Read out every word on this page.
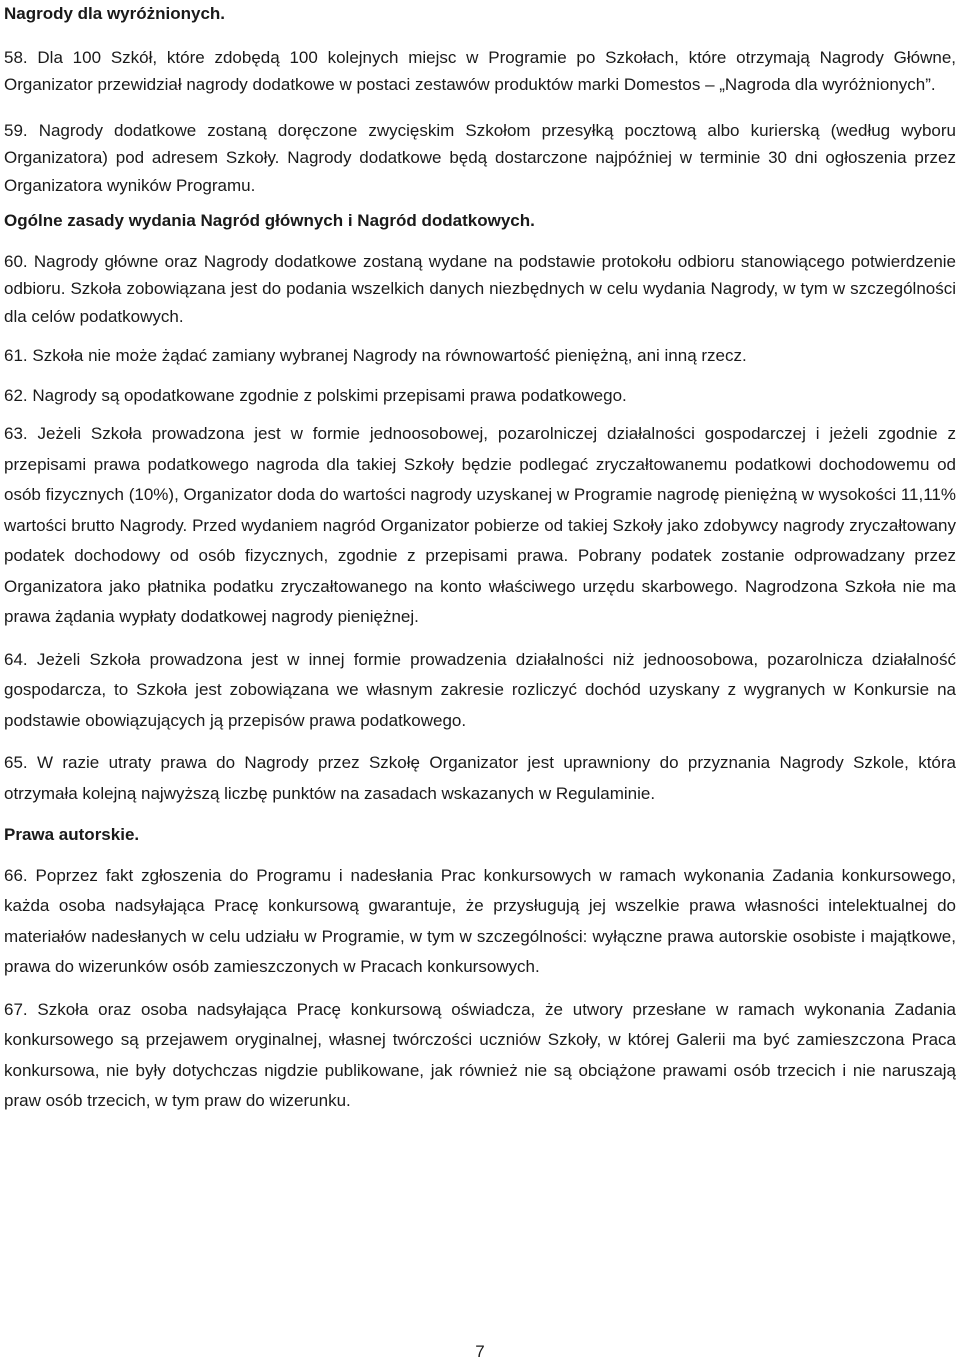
Nagrody dla wyróżnionych.

58. Dla 100 Szkół, które zdobędą 100 kolejnych miejsc w Programie po Szkołach, które otrzymają Nagrody Główne, Organizator przewidział nagrody dodatkowe w postaci zestawów produktów marki Domestos – „Nagroda dla wyróżnionych”.

59. Nagrody dodatkowe zostaną doręczone zwycięskim Szkołom przesyłką pocztową albo kurierską (według wyboru Organizatora) pod adresem Szkoły. Nagrody dodatkowe będą dostarczone najpóźniej w terminie 30 dni ogłoszenia przez Organizatora wyników Programu.

Ogólne zasady wydania Nagród głównych i Nagród dodatkowych.

60. Nagrody główne oraz Nagrody dodatkowe zostaną wydane na podstawie protokołu odbioru stanowiącego potwierdzenie odbioru. Szkoła zobowiązana jest do podania wszelkich danych niezbędnych w celu wydania Nagrody, w tym w szczególności dla celów podatkowych.

61. Szkoła nie może żądać zamiany wybranej Nagrody na równowartość pieniężną, ani inną rzecz.

62. Nagrody są opodatkowane zgodnie z polskimi przepisami prawa podatkowego.

63. Jeżeli Szkoła prowadzona jest w formie jednoosobowej, pozarolniczej działalności gospodarczej i jeżeli zgodnie z przepisami prawa podatkowego nagroda dla takiej Szkoły będzie podlegać zryczałtowanemu podatkowi dochodowemu od osób fizycznych (10%), Organizator doda do wartości nagrody uzyskanej w Programie nagrodę pieniężną w wysokości 11,11% wartości brutto Nagrody. Przed wydaniem nagród Organizator pobierze od takiej Szkoły jako zdobywcy nagrody zryczałtowany podatek dochodowy od osób fizycznych, zgodnie z przepisami prawa. Pobrany podatek zostanie odprowadzany przez Organizatora jako płatnika podatku zryczałtowanego na konto właściwego urzędu skarbowego. Nagrodzona Szkoła nie ma prawa żądania wypłaty dodatkowej nagrody pieniężnej.

64. Jeżeli Szkoła prowadzona jest w innej formie prowadzenia działalności niż jednoosobowa, pozarolnicza działalność gospodarcza, to Szkoła jest zobowiązana we własnym zakresie rozliczyć dochód uzyskany z wygranych w Konkursie na podstawie obowiązujących ją przepisów prawa podatkowego.

65. W razie utraty prawa do Nagrody przez Szkołę Organizator jest uprawniony do przyznania Nagrody Szkole, która otrzymała kolejną najwyższą liczbę punktów na zasadach wskazanych w Regulaminie.

Prawa autorskie.

66. Poprzez fakt zgłoszenia do Programu i nadesłania Prac konkursowych w ramach wykonania Zadania konkursowego, każda osoba nadsyłająca Pracę konkursową gwarantuje, że przysługują jej wszelkie prawa własności intelektualnej do materiałów nadesłanych w celu udziału w Programie, w tym w szczególności: wyłączne prawa autorskie osobiste i majątkowe, prawa do wizerunków osób zamieszczonych w Pracach konkursowych.

67. Szkoła oraz osoba nadsyłająca Pracę konkursową oświadcza, że utwory przesłane w ramach wykonania Zadania konkursowego są przejawem oryginalnej, własnej twórczości uczniów Szkoły, w której Galerii ma być zamieszczona Praca konkursowa, nie były dotychczas nigdzie publikowane, jak również nie są obciążone prawami osób trzecich i nie naruszają praw osób trzecich, w tym praw do wizerunku.

7
